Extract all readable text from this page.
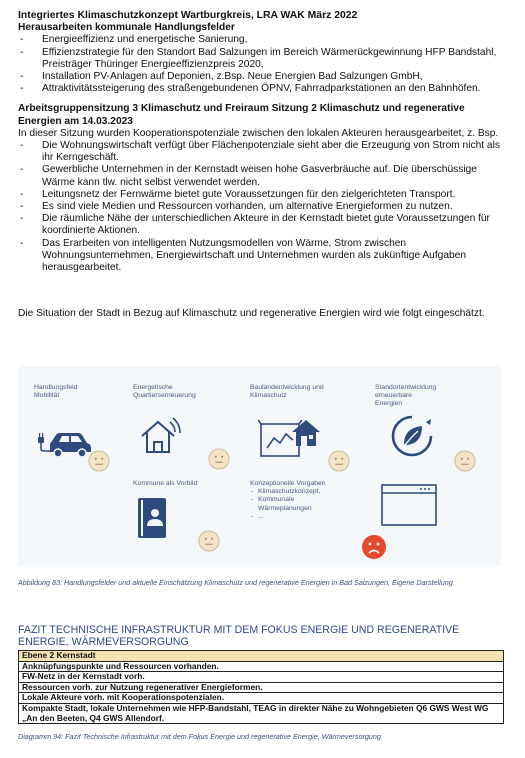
Integriertes Klimaschutzkonzept Wartburgkreis, LRA WAK März 2022
Herausarbeiten kommunale Handlungsfelder
- Energieeffizienz und energetische Sanierung,
- Effizienzstrategie für den Standort Bad Salzungen im Bereich Wärmerückgewinnung HFP Bandstahl, Preisträger Thüringer Energieeffizienzpreis 2020,
- Installation PV-Anlagen auf Deponien, z.Bsp. Neue Energien Bad Salzungen GmbH,
- Attraktivitätssteigerung des straßengebundenen ÖPNV, Fahrradparkstationen an den Bahnhöfen.
Arbeitsgruppensitzung 3 Klimaschutz und Freiraum Sitzung 2 Klimaschutz und regenerative Energien am 14.03.2023
In dieser Sitzung wurden Kooperationspotenziale zwischen den lokalen Akteuren herausgearbeitet, z. Bsp.
- Die Wohnungswirtschaft verfügt über Flächenpotenziale sieht aber die Erzeugung von Strom nicht als ihr Kerngeschäft.
- Gewerbliche Unternehmen in der Kernstadt weisen hohe Gasverbräuche auf. Die überschüssige Wärme kann tlw. nicht selbst verwendet werden.
- Leitungsnetz der Fernwärme bietet gute Voraussetzungen für den zielgerichteten Transport.
- Es sind viele Medien und Ressourcen vorhanden, um alternative Energieformen zu nutzen.
- Die räumliche Nähe der unterschiedlichen Akteure in der Kernstadt bietet gute Voraussetzungen für koordinierte Aktionen.
- Das Erarbeiten von intelligenten Nutzungsmodellen von Wärme, Strom zwischen Wohnungsunternehmen, Energiewirtschaft und Unternehmen wurden als zukünftige Aufgaben herausgearbeitet.
Die Situation der Stadt in Bezug auf Klimaschutz und regenerative Energien wird wie folgt eingeschätzt.
Handlungsfeld
Mobilität
Energetische
Quartierserneuerung
Baulandentwicklung und
Klimaschutz
Standortentwicklung
erneuerbare
Energien
Kommune als Vorbild	Konzeptionelle Vorgaben
- Klimaschutzkonzept,
- Kommunale
Wärmeplanungen
- ...
Abbildung 83: Handlungsfelder und aktuelle Einschätzung Klimaschutz und regenerative Energien in Bad Salzungen, Eigene Darstellung
FAZIT TECHNISCHE INFRASTRUKTUR MIT DEM FOKUS ENERGIE UND REGENERATIVE ENERGIE, WÄRMEVERSORGUNG
Ebene 2 Kernstadt
Anknüpfungspunkte und Ressourcen vorhanden.
FW-Netz in der Kernstadt vorh.
Ressourcen vorh. zur Nutzung regenerativer Energieformen.
Lokale Akteure vorh. mit Kooperationspotenzialen.
Kompakte Stadt, lokale Unternehmen wie HFP-Bandstahl, TEAG in direkter Nähe zu Wohngebieten Q6 GWS West WG „An den Beeten, Q4 GWS Allendorf.
Diagramm 94: Fazit Technische Infrastruktur mit dem Fokus Energie und regenerative Energie, Wärmeversorgung
